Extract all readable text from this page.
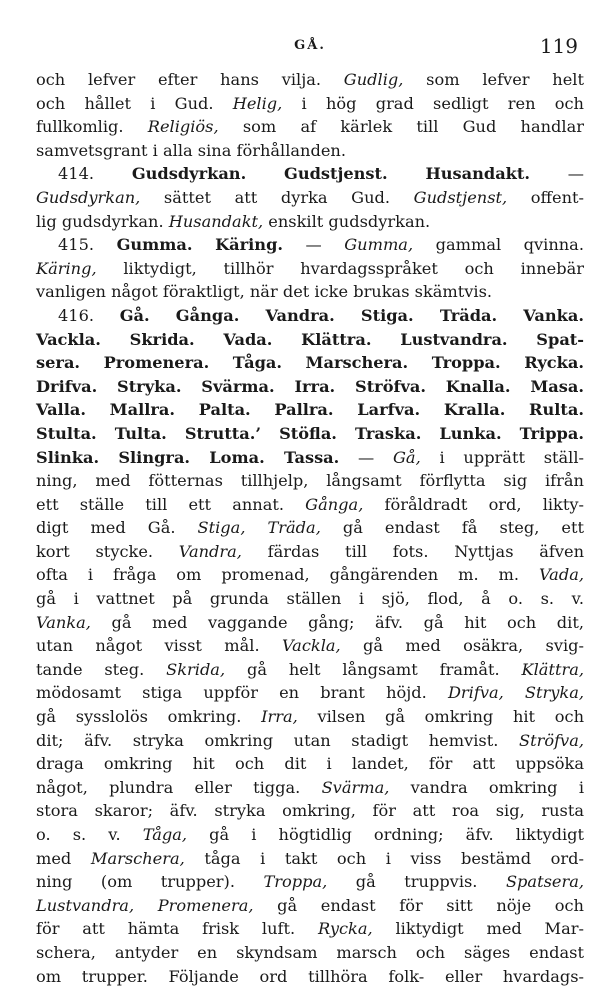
GÅ.	119
och lefver efter hans vilja. Gudlig, som lefver helt
och hållet i Gud. Helig, i hög grad sedligt ren och
fullkomlig. Religiös, som af kärlek till Gud handlar
samvetsgrant i alla sina förhållanden.
414. Gudsdyrkan. Gudstjenst. Husandakt. —
Gudsdyrkan, sättet att dyrka Gud. Gudstjenst, offent-
lig gudsdyrkan. Husandakt, enskilt gudsdyrkan.
415. Gumma. Käring. — Gumma, gammal qvinna.
Käring, liktydigt, tillhör hvardagsspråket och innebär
vanligen något föraktligt, när det icke brukas skämtvis.
416. Gå. Gånga. Vandra. Stiga. Träda. Vanka.
Vackla. Skrida. Vada. Klättra. Lustvandra. Spat-
sera. Promenera. Tåga. Marschera. Troppa. Rycka.
Drifva. Stryka. Svärma. Irra. Ströfva. Knalla. Masa.
Valla. Mallra. Palta. Pallra. Larfva. Kralla. Rulta.
Stulta. Tulta. Strutta.’ Stöfla. Traska. Lunka. Trippa.
Slinka. Slingra. Loma. Tassa. — Gå, i upprätt ställ-
ning, med fötternas tillhjelp, långsamt förflytta sig ifrån
ett ställe till ett annat. Gånga, föråldradt ord, likty-
digt med Gå. Stiga, Träda, gå endast få steg, ett
kort stycke. Vandra, färdas till fots. Nyttjas äfven
ofta i fråga om promenad, gångärenden m. m. Vada,
gå i vattnet på grunda ställen i sjö, flod, å o. s. v.
Vanka, gå med vaggande gång; äfv. gå hit och dit,
utan något visst mål. Vackla, gå med osäkra, svig-
tande steg. Skrida, gå helt långsamt framåt. Klättra,
mödosamt stiga uppför en brant höjd. Drifva, Stryka,
gå sysslolös omkring. Irra, vilsen gå omkring hit och
dit; äfv. stryka omkring utan stadigt hemvist. Ströfva,
draga omkring hit och dit i landet, för att uppsöka
något, plundra eller tigga. Svärma, vandra omkring i
stora skaror; äfv. stryka omkring, för att roa sig, rusta
o. s. v. Tåga, gå i högtidlig ordning; äfv. liktydigt
med Marschera, tåga i takt och i viss bestämd ord-
ning (om trupper). Troppa, gå truppvis. Spatsera,
Lustvandra, Promenera, gå endast för sitt nöje och
för att hämta frisk luft. Rycka, liktydigt med Mar-
schera, antyder en skyndsam marsch och säges endast
om trupper. Följande ord tillhöra folk- eller hvardags-
